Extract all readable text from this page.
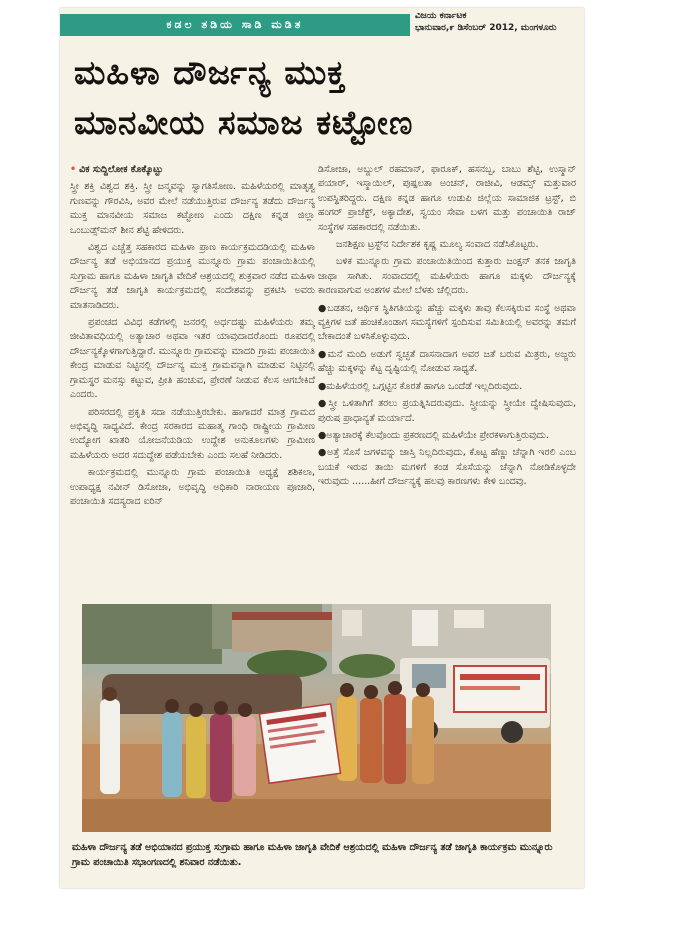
ಕಡಲ ತಡಿಯ ಸಾಡಿ ಮಡಿತ
ವಿಜಯ ಕರ್ನಾಟಕ
ಭಾನುವಾರ,೯ ಡಿಸೆಂಬರ್ 2012, ಮಂಗಳೂರು
ಮಹಿಳಾ ದೌರ್ಜನ್ಯ ಮುಕ್ತ
ಮಾನವೀಯ ಸಮಾಜ ಕಟ್ಟೋಣ

• ವಿಕ ಸುದ್ದಿಲೋಕ ಕೊಕ್ಕೊಟ್ಟು

ಸ್ತ್ರೀ ಶಕ್ತಿ ವಿಶ್ವದ ಶಕ್ತಿ. ಸ್ತ್ರೀ ಜನ್ಮವನ್ನು ಸ್ವಾಗತಿಸೋಣ. ಮಹಿಳೆಯರಲ್ಲಿ ಮಾತೃತ್ವ ಗುಣವನ್ನು ಗೌರವಿಸಿ, ಅವರ ಮೇಲೆ ನಡೆಯುತ್ತಿರುವ ದೌರ್ಜನ್ಯ ತಡೆದು ದೌರ್ಜನ್ಯ ಮುಕ್ತ ಮಾನವೀಯ ಸಮಾಜ ಕಟ್ಟೋಣ ಎಂದು ದಕ್ಷಿಣ ಕನ್ನಡ ಜಿಲ್ಲಾ ಒಂಬುಡ್ಸ್‌ಮನ್ ಶೀನ ಶೆಟ್ಟಿ ಹೇಳಿದರು.

ವಿಶ್ವದ ಎಚ್ಚೆತ್ತ ಸಹಕಾರದ ಮಹಿಳಾ ಪ್ರಾಣ ಕಾರ್ಯಕ್ರಮದಡಿಯಲ್ಲಿ ಮಹಿಳಾ ದೌರ್ಜನ್ಯ ತಡೆ ಅಭಿಯಾನದ ಪ್ರಯುಕ್ತ ಮುನ್ನೂರು ಗ್ರಾಮ ಪಂಚಾಯಿತಿಯಲ್ಲಿ ಸುಗ್ರಾಮ ಹಾಗೂ ಮಹಿಳಾ ಜಾಗೃತಿ ವೇದಿಕೆ ಆಶ್ರಯದಲ್ಲಿ ಶುಕ್ರವಾರ ನಡೆದ ಮಹಿಳಾ ದೌರ್ಜನ್ಯ ತಡೆ ಜಾಗೃತಿ ಕಾರ್ಯಕ್ರಮದಲ್ಲಿ ಸಂದೇಶವನ್ನು ಪ್ರಕಟಿಸಿ ಅವರು ಮಾತನಾಡಿದರು.

ಪ್ರಪಂಚದ ವಿವಿಧ ಕಡೆಗಳಲ್ಲಿ ಜನರಲ್ಲಿ ಅರ್ಧದಷ್ಟು ಮಹಿಳೆಯರು ತಮ್ಮ ಜೀವಿತಾವಧಿಯಲ್ಲಿ ಅತ್ಯಾಚಾರ ಅಥವಾ ಇತರ ಯಾವುದಾದರೊಂದು ರೂಪದಲ್ಲಿ ದೌರ್ಜನ್ಯಕ್ಕೊಳಗಾಗುತ್ತಿದ್ದಾರೆ. ಮುನ್ನೂರು ಗ್ರಾಮವನ್ನು ಮಾದರಿ ಗ್ರಾಮ ಪಂಚಾಯಿತಿ ಕೇಂದ್ರ ಮಾಡುವ ನಿಟ್ಟಿನಲ್ಲಿ ದೌರ್ಜನ್ಯ ಮುಕ್ತ ಗ್ರಾಮವನ್ನಾಗಿ ಮಾಡುವ ನಿಟ್ಟಿನಲ್ಲಿ ಗ್ರಾಮಸ್ಥರ ಮನಸ್ಸು ಕಟ್ಟುವ, ಪ್ರೀತಿ ಹಂಚುವ, ಪ್ರೇರಣೆ ನೀಡುವ ಕೆಲಸ ಆಗಬೇಕಿದೆ ಎಂದರು.

ಪರಿಸರದಲ್ಲಿ ಪ್ರಕೃತಿ ಸದಾ ನಡೆಯುತ್ತಿರಬೇಕು. ಹಾಗಾದರೆ ಮಾತ್ರ ಗ್ರಾಮದ ಅಭಿವೃದ್ಧಿ ಸಾಧ್ಯವಿದೆ. ಕೇಂದ್ರ ಸರಕಾರದ ಮಹಾತ್ಮ ಗಾಂಧಿ ರಾಷ್ಟ್ರೀಯ ಗ್ರಾಮೀಣ ಉದ್ಯೋಗ ಖಾತರಿ ಯೋಜನೆಯಡಿಯ ಉದ್ದೇಶ ಅನುಕೂಲಗಳು ಗ್ರಾಮೀಣ ಮಹಿಳೆಯರು ಅದರ ಸದುದ್ದೇಶ ಪಡೆಯಬೇಕು ಎಂದು ಸಲಹೆ ನೀಡಿದರು.

ಕಾರ್ಯಕ್ರಮದಲ್ಲಿ ಮುನ್ನೂರು ಗ್ರಾಮ ಪಂಚಾಯಿತಿ ಅಧ್ಯಕ್ಷೆ ಶಶಿಕಲಾ, ಉಪಾಧ್ಯಕ್ಷ ನವೀನ್ ಡಿಸೋಜಾ, ಅಭಿವೃದ್ಧಿ ಅಧಿಕಾರಿ ನಾರಾಯಣ ಪೂಜಾರಿ, ಪಂಚಾಯಿತಿ ಸದಸ್ಯರಾದ ಐರಿನ್

ಡಿಸೋಜಾ, ಅಬ್ದುಲ್ ರಹಮಾನ್, ಫಾರೂಕ್, ಹಸನಬ್ಬ, ಬಾಬು ಶೆಟ್ಟಿ, ಉಸ್ಮಾನ್ ಪಯಾರ್, ಇಸ್ಮಾಯಿಲ್, ಪುಷ್ಪಲತಾ ಅಂಚನ್, ರಾಜೀವಿ, ಆಡಮ್ಸ್ ಮತ್ತುವಾರ ಉಪಸ್ಥಿತರಿದ್ದರು. ದಕ್ಷಿಣ ಕನ್ನಡ ಹಾಗೂ ಉಡುಪಿ ಜಿಲ್ಲೆಯ ಸಾಮಾಜಿಕ ಟ್ರಸ್ಟ್, ಬಿ ಹಂಗರ್ ಪ್ರಾಜೆಕ್ಟ್, ಅಕ್ಯಾದೇಶ, ಸ್ವಯಂ ಸೇವಾ ಬಳಗ ಮತ್ತು ಪಂಚಾಯಿತಿ ರಾಜ್ ಸಂಸ್ಥೆಗಳ ಸಹಕಾರದಲ್ಲಿ ನಡೆಯಿತು.

ಜನಶಿಕ್ಷಣ ಟ್ರಸ್ಟ್‌ನ ನಿರ್ದೇಶಕ ಕೃಷ್ಣ ಮೂಲ್ಯ ಸಂವಾದ ನಡೆಸಿಕೊಟ್ಟರು.

ಬಳಿಕ ಮುನ್ನೂರು ಗ್ರಾಮ ಪಂಚಾಯಿತಿಯಿಂದ ಕುತ್ತಾರು ಜಂಕ್ಷನ್ ತನಕ ಜಾಗೃತಿ ಜಾಥಾ ಸಾಗಿತು. ಸಂವಾದದಲ್ಲಿ ಮಹಿಳೆಯರು ಹಾಗೂ ಮಕ್ಕಳು ದೌರ್ಜನ್ಯಕ್ಕೆ ಕಾರಣವಾಗುವ ಅಂಶಗಳ ಮೇಲೆ ಬೆಳಕು ಚೆಲ್ಲಿದರು.

●ಬಡತನ, ಆರ್ಥಿಕ ಸ್ಥಿತಿಗತಿಯನ್ನು ಹೆಚ್ಚು ಮಕ್ಕಳು ತಾವು ಕೆಲಸಕ್ಕಿರುವ ಸಂಸ್ಥೆ ಅಥವಾ ವ್ಯಕ್ತಿಗಳ ಜತೆ ಹಂಚಿಕೊಂಡಾಗ ಸಮಸ್ಯೆಗಳಿಗೆ ಸ್ಪಂದಿಸುವ ಸಮಿತಿಯಲ್ಲಿ ಅವರನ್ನು ತಮಗೆ ಬೇಕಾದಂತೆ ಬಳಸಿಕೊಳ್ಳುವುದು.
●ಮನೆ ಮಂದಿ ಅಡುಗೆ ಸ್ವಚ್ಛತೆ ದಾಸನಾದಾಗ ಅವರ ಜತೆ ಬರುವ ಮಿತ್ರರು, ಅಜ್ಜರು ಹೆಚ್ಚು ಮಕ್ಕಳನ್ನು ಕೆಟ್ಟ ದೃಷ್ಟಿಯಲ್ಲಿ ನೋಡುವ ಸಾಧ್ಯತೆ.
●ಮಹಿಳೆಯರಲ್ಲಿ ಒಗ್ಗಟ್ಟಿನ ಕೊರತೆ ಹಾಗೂ ಒಂದೆಡೆ ಇಲ್ಲದಿರುವುದು.
●ಸ್ತ್ರೀ ಒಳಿತಾಗಿಗೆ ತರಲು ಪ್ರಯತ್ನಿಸಿದರುವುದು. ಸ್ತ್ರೀಯನ್ನು ಸ್ತ್ರೀಯೇ ದ್ವೇಷಿಸುವುದು, ಪುರುಷ ಪ್ರಾಧಾನ್ಯತೆ ಮರ್ಯಾದೆ.
●ಅತ್ಯಾಚಾರಕ್ಕೆ ಕೆಲವೊಂದು ಪ್ರಕರಣದಲ್ಲಿ ಮಹಿಳೆಯೇ ಪ್ರೇರಕಳಾಗುತ್ತಿರುವುದು.
●ಅತ್ತೆ ಸೊಸೆ ಜಗಳವನ್ನು ಜಾಸ್ತಿ ನಿಲ್ಲದಿರುವುದು, ಕೊಟ್ಟ ಹೆಣ್ಣು ಚೆನ್ನಾಗಿ ಇರಲಿ ಎಂಬ ಬಯಕೆ ಇರುವ ತಾಯಿ ಮಗಳಿಗೆ ಕಂಡ ಸೊಸೆಯನ್ನು ಚೆನ್ನಾಗಿ ನೋಡಿಕೊಳ್ಳದೇ ಇರುವುದು ......ಹೀಗೆ ದೌರ್ಜನ್ಯಕ್ಕೆ ಹಲವು ಕಾರಣಗಳು ಕೇಳಿ ಬಂದವು.
ಮಹಿಳಾ ದೌರ್ಜನ್ಯ ತಡೆ ಅಭಿಯಾನದ ಪ್ರಯುಕ್ತ ಸುಗ್ರಾಮ ಹಾಗೂ ಮಹಿಳಾ ಜಾಗೃತಿ ವೇದಿಕೆ ಆಶ್ರಯದಲ್ಲಿ ಮಹಿಳಾ ದೌರ್ಜನ್ಯ ತಡೆ ಜಾಗೃತಿ ಕಾರ್ಯಕ್ರಮ ಮುನ್ನೂರು ಗ್ರಾಮ ಪಂಚಾಯಿತಿ ಸಭಾಂಗಣದಲ್ಲಿ ಶನಿವಾರ ನಡೆಯಿತು.
